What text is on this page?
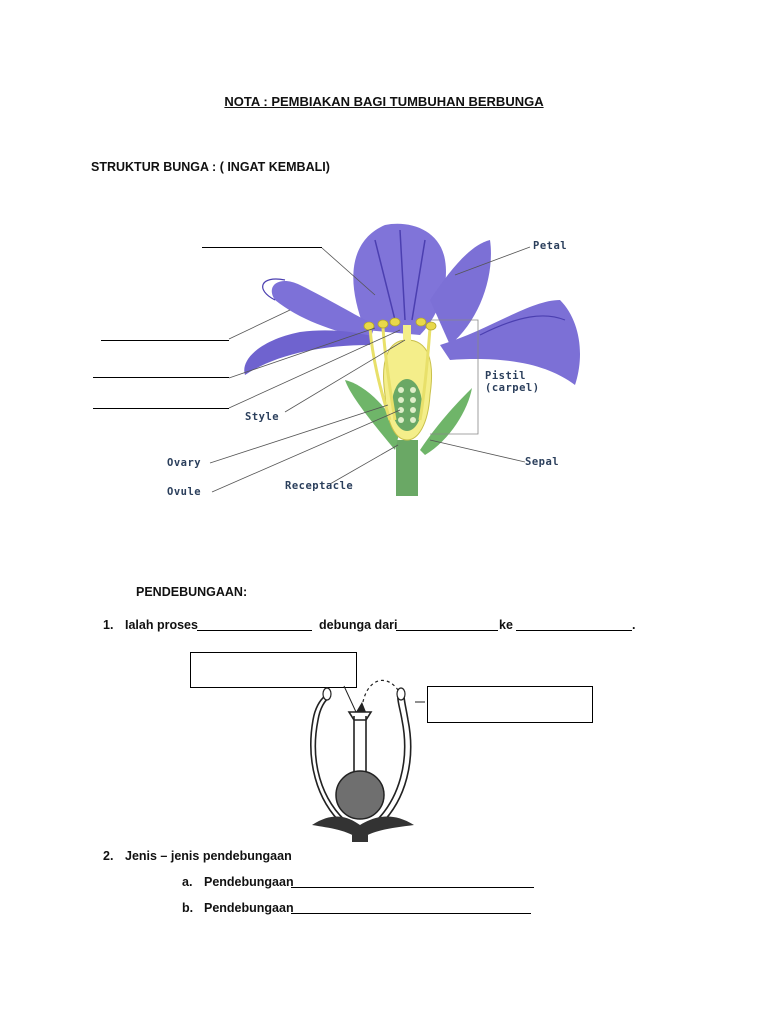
NOTA : PEMBIAKAN BAGI TUMBUHAN BERBUNGA
STRUKTUR BUNGA : ( INGAT KEMBALI)
Petal
Pistil
(carpel)
Style
Ovary
Ovule	Receptacle
Sepal
PENDEBUNGAAN:
1. Ialah proses	debunga dari	ke	.
2. Jenis – jenis pendebungaan
a. Pendebungaan
b. Pendebungaan
